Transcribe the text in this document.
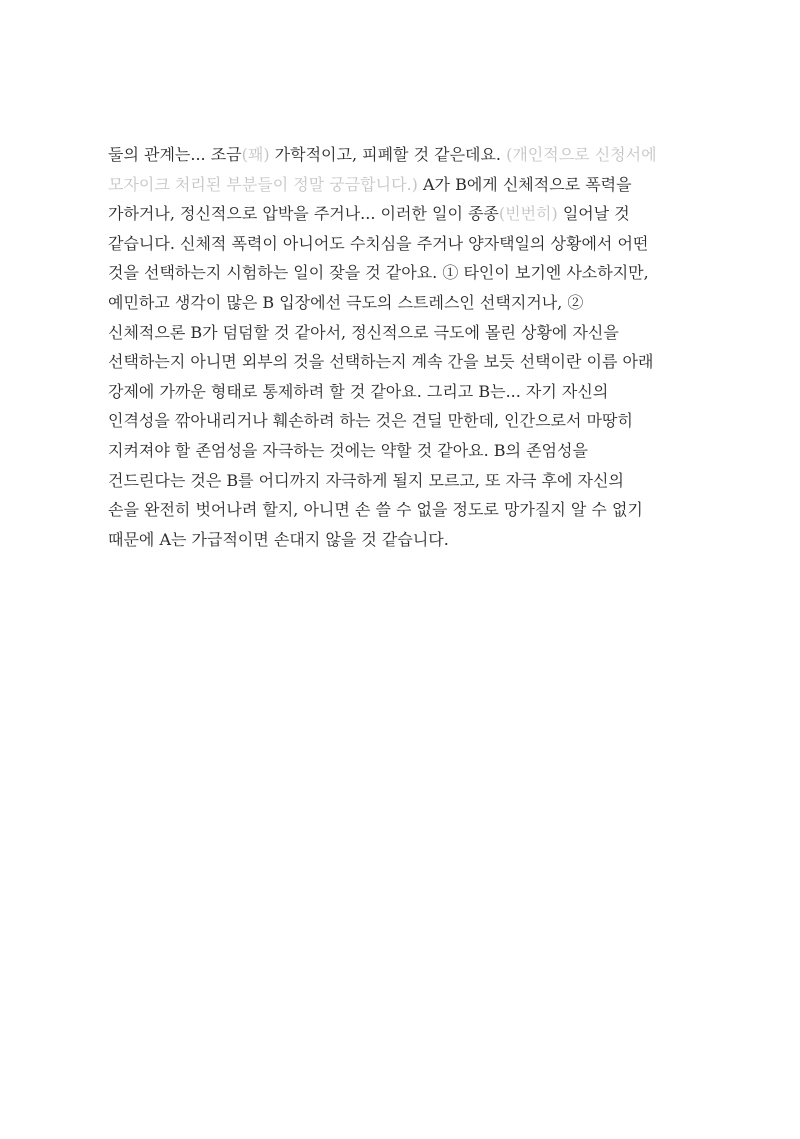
둘의 관계는... 조금(꽤) 가학적이고, 피폐할 것 같은데요. (개인적으로 신청서에
모자이크 처리된 부분들이 정말 궁금합니다.) A가 B에게 신체적으로 폭력을
가하거나, 정신적으로 압박을 주거나... 이러한 일이 종종(빈번히) 일어날 것
같습니다. 신체적 폭력이 아니어도 수치심을 주거나 양자택일의 상황에서 어떤
것을 선택하는지 시험하는 일이 잦을 것 같아요. ① 타인이 보기엔 사소하지만,
예민하고 생각이 많은 B 입장에선 극도의 스트레스인 선택지거나, ②
신체적으론 B가 덤덤할 것 같아서, 정신적으로 극도에 몰린 상황에 자신을
선택하는지 아니면 외부의 것을 선택하는지 계속 간을 보듯 선택이란 이름 아래
강제에 가까운 형태로 통제하려 할 것 같아요. 그리고 B는... 자기 자신의
인격성을 깎아내리거나 훼손하려 하는 것은 견딜 만한데, 인간으로서 마땅히
지켜져야 할 존엄성을 자극하는 것에는 약할 것 같아요. B의 존엄성을
건드린다는 것은 B를 어디까지 자극하게 될지 모르고, 또 자극 후에 자신의
손을 완전히 벗어나려 할지, 아니면 손 쓸 수 없을 정도로 망가질지 알 수 없기
때문에 A는 가급적이면 손대지 않을 것 같습니다.
